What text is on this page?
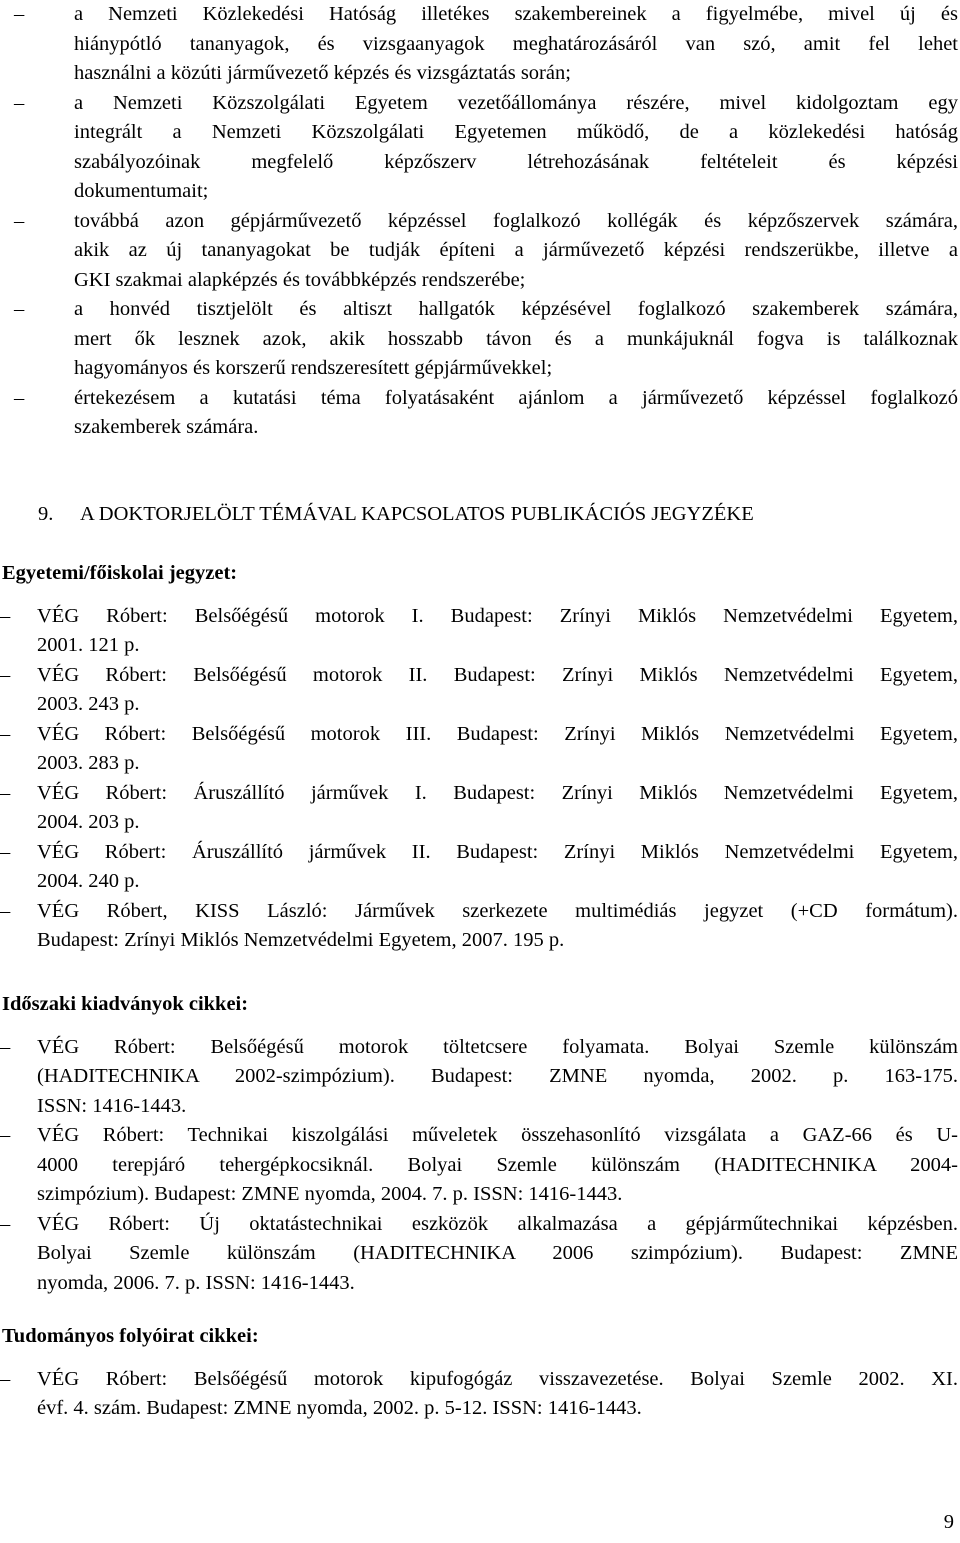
–	a Nemzeti Közlekedési Hatóság illetékes szakembereinek a figyelmébe, mivel új és
hiánypótló tananyagok, és vizsgaanyagok meghatározásáról van szó, amit fel lehet
használni a közúti járművezető képzés és vizsgáztatás során;
–	a Nemzeti Közszolgálati Egyetem vezetőállománya részére, mivel kidolgoztam egy
integrált a Nemzeti Közszolgálati Egyetemen működő, de a közlekedési hatóság
szabályozóinak megfelelő képzőszerv létrehozásának feltételeit és képzési
dokumentumait;
–	továbbá azon gépjárművezető képzéssel foglalkozó kollégák és képzőszervek számára,
akik az új tananyagokat be tudják építeni a járművezető képzési rendszerükbe, illetve a
GKI szakmai alapképzés és továbbképzés rendszerébe;
–	a honvéd tisztjelölt és altiszt hallgatók képzésével foglalkozó szakemberek számára,
mert ők lesznek azok, akik hosszabb távon és a munkájuknál fogva is találkoznak
hagyományos és korszerű rendszeresített gépjárművekkel;
–	értekezésem a kutatási téma folyatásaként ajánlom a járművezető képzéssel foglalkozó
szakemberek számára.
9. A DOKTORJELÖLT TÉMÁVAL KAPCSOLATOS PUBLIKÁCIÓS JEGYZÉKE
Egyetemi/főiskolai jegyzet:
–	VÉG Róbert: Belsőégésű motorok I. Budapest: Zrínyi Miklós Nemzetvédelmi Egyetem,
2001. 121 p.
–	VÉG Róbert: Belsőégésű motorok II. Budapest: Zrínyi Miklós Nemzetvédelmi Egyetem,
2003. 243 p.
–	VÉG Róbert: Belsőégésű motorok III. Budapest: Zrínyi Miklós Nemzetvédelmi Egyetem,
2003. 283 p.
–	VÉG Róbert: Áruszállító járművek I. Budapest: Zrínyi Miklós Nemzetvédelmi Egyetem,
2004. 203 p.
–	VÉG Róbert: Áruszállító járművek II. Budapest: Zrínyi Miklós Nemzetvédelmi Egyetem,
2004. 240 p.
–	VÉG Róbert, KISS László: Járművek szerkezete multimédiás jegyzet (+CD formátum).
Budapest: Zrínyi Miklós Nemzetvédelmi Egyetem, 2007. 195 p.
Időszaki kiadványok cikkei:
–	VÉG Róbert: Belsőégésű motorok töltetcsere folyamata. Bolyai Szemle különszám
(HADITECHNIKA 2002-szimpózium). Budapest: ZMNE nyomda, 2002. p. 163-175.
ISSN: 1416-1443.
–	VÉG Róbert: Technikai kiszolgálási műveletek összehasonlító vizsgálata a GAZ-66 és U-
4000 terepjáró tehergépkocsiknál. Bolyai Szemle különszám (HADITECHNIKA 2004-
szimpózium). Budapest: ZMNE nyomda, 2004. 7. p. ISSN: 1416-1443.
–	VÉG Róbert: Új oktatástechnikai eszközök alkalmazása a gépjárműtechnikai képzésben.
Bolyai Szemle különszám (HADITECHNIKA 2006 szimpózium). Budapest: ZMNE
nyomda, 2006. 7. p. ISSN: 1416-1443.
Tudományos folyóirat cikkei:
–	VÉG Róbert: Belsőégésű motorok kipufogógáz visszavezetése. Bolyai Szemle 2002. XI.
évf. 4. szám. Budapest: ZMNE nyomda, 2002. p. 5-12. ISSN: 1416-1443.
9
